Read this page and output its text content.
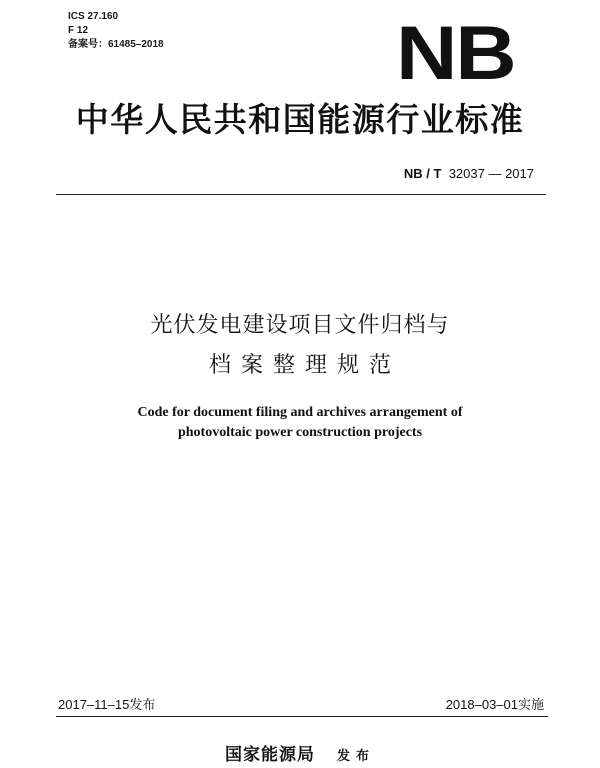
ICS 27.160
F 12
备案号：61485–2018	NB
中华人民共和国能源行业标准
NB / T 32037 — 2017
光伏发电建设项目文件归档与
档案整理规范
Code for document filing and archives arrangement of
photovoltaic power construction projects
2017–11–15发布	2018–03–01实施
国家能源局 发布
